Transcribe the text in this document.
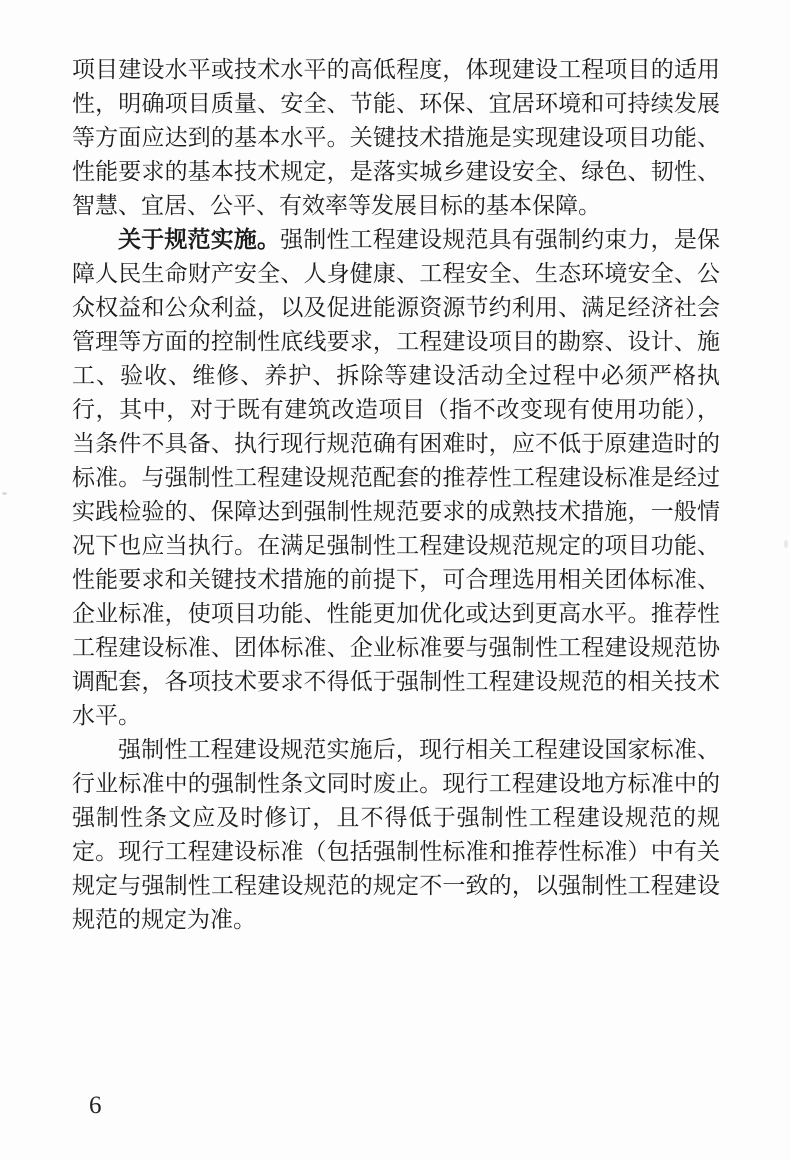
项目建设水平或技术水平的高低程度，体现建设工程项目的适用性，明确项目质量、安全、节能、环保、宜居环境和可持续发展等方面应达到的基本水平。关键技术措施是实现建设项目功能、性能要求的基本技术规定，是落实城乡建设安全、绿色、韧性、智慧、宜居、公平、有效率等发展目标的基本保障。

关于规范实施。强制性工程建设规范具有强制约束力，是保障人民生命财产安全、人身健康、工程安全、生态环境安全、公众权益和公众利益，以及促进能源资源节约利用、满足经济社会管理等方面的控制性底线要求，工程建设项目的勘察、设计、施工、验收、维修、养护、拆除等建设活动全过程中必须严格执行，其中，对于既有建筑改造项目（指不改变现有使用功能），当条件不具备、执行现行规范确有困难时，应不低于原建造时的标准。与强制性工程建设规范配套的推荐性工程建设标准是经过实践检验的、保障达到强制性规范要求的成熟技术措施，一般情况下也应当执行。在满足强制性工程建设规范规定的项目功能、性能要求和关键技术措施的前提下，可合理选用相关团体标准、企业标准，使项目功能、性能更加优化或达到更高水平。推荐性工程建设标准、团体标准、企业标准要与强制性工程建设规范协调配套，各项技术要求不得低于强制性工程建设规范的相关技术水平。

强制性工程建设规范实施后，现行相关工程建设国家标准、行业标准中的强制性条文同时废止。现行工程建设地方标准中的强制性条文应及时修订，且不得低于强制性工程建设规范的规定。现行工程建设标准（包括强制性标准和推荐性标准）中有关规定与强制性工程建设规范的规定不一致的，以强制性工程建设规范的规定为准。

6
